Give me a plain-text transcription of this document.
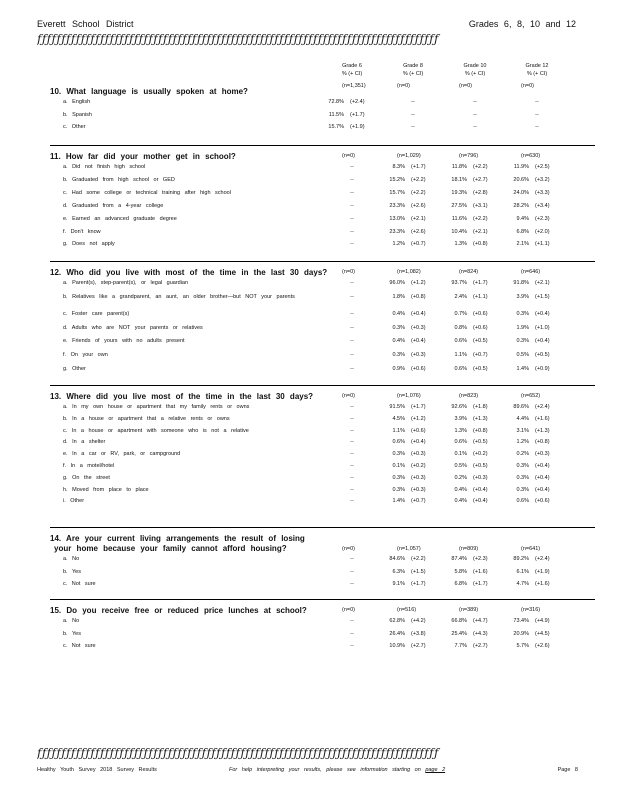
Everett School District	Grades 6, 8, 10 and 12
ƒƒƒƒƒƒƒƒƒƒƒƒƒƒƒƒƒƒƒƒƒƒƒƒƒƒƒƒƒƒƒƒƒƒƒƒƒƒƒƒƒƒƒƒƒƒƒƒƒƒƒƒƒƒƒƒƒƒƒƒƒƒƒƒƒƒƒƒƒƒƒƒƒƒƒƒƒƒƒƒƒƒƒ
Grade 6
% (+ CI)
Grade 8
% (+ CI)
Grade 10
% (+ CI)
Grade 12
% (+ CI)
10. What language is usually spoken at home?
(n=1,351)	(n=0)	(n=0)	(n=0)
a. English	72.8% (+2.4)	--	--	--
b. Spanish	11.5% (+1.7)	--	--	--
c. Other	15.7% (+1.9)	--	--	--
11. How far did your mother get in school?	(n=0)	(n=1,029)	(n=796)	(n=630)
a. Did not finish high school	--	8.3% (+1.7)	11.8% (+2.2)	11.9% (+2.5)
b. Graduated from high school or GED	--	15.2% (+2.2)	18.1% (+2.7)	20.6% (+3.2)
c. Had some college or technical training after high school	--	15.7% (+2.2)	19.3% (+2.8)	24.0% (+3.3)
d. Graduated from a 4-year college	--	23.3% (+2.6)	27.5% (+3.1)	28.2% (+3.4)
e. Earned an advanced graduate degree	--	13.0% (+2.1)	11.6% (+2.2)	9.4% (+2.3)
f. Don't know	--	23.3% (+2.6)	10.4% (+2.1)	6.8% (+2.0)
g. Does not apply	--	1.2% (+0.7)	1.3% (+0.8)	2.1% (+1.1)
12. Who did you live with most of the time in the last 30 days?	(n=0)	(n=1,082)	(n=824)	(n=646)
a. Parent(s), step-parent(s), or legal guardian	--	96.0% (+1.2)	93.7% (+1.7)	91.8% (+2.1)
b. Relatives like a grandparent, an aunt, an older brother—but NOT your parents	--	1.8% (+0.8)	2.4% (+1.1)	3.9% (+1.5)
c. Foster care parent(s)	--	0.4% (+0.4)	0.7% (+0.6)	0.3% (+0.4)
d. Adults who are NOT your parents or relatives	--	0.3% (+0.3)	0.8% (+0.6)	1.9% (+1.0)
e. Friends of yours with no adults present	--	0.4% (+0.4)	0.6% (+0.5)	0.3% (+0.4)
f. On your own	--	0.3% (+0.3)	1.1% (+0.7)	0.5% (+0.5)
g. Other	--	0.9% (+0.6)	0.6% (+0.5)	1.4% (+0.9)
13. Where did you live most of the time in the last 30 days?	(n=0)	(n=1,076)	(n=823)	(n=652)
a. In my own house or apartment that my family rents or owns	--	91.5% (+1.7)	92.6% (+1.8)	89.6% (+2.4)
b. In a house or apartment that a relative rents or owns	--	4.5% (+1.2)	3.9% (+1.3)	4.4% (+1.6)
c. In a house or apartment with someone who is not a relative	--	1.1% (+0.6)	1.3% (+0.8)	3.1% (+1.3)
d. In a shelter	--	0.6% (+0.4)	0.6% (+0.5)	1.2% (+0.8)
e. In a car or RV, park, or campground	--	0.3% (+0.3)	0.1% (+0.2)	0.2% (+0.3)
f. In a motel/hotel	--	0.1% (+0.2)	0.5% (+0.5)	0.3% (+0.4)
g. On the street	--	0.3% (+0.3)	0.2% (+0.3)	0.3% (+0.4)
h. Moved from place to place	--	0.3% (+0.3)	0.4% (+0.4)	0.3% (+0.4)
i. Other	--	1.4% (+0.7)	0.4% (+0.4)	0.6% (+0.6)
14. Are your current living arrangements the result of losing
your home because your family cannot afford housing?	(n=0)	(n=1,057)	(n=809)	(n=641)
a. No	--	84.6% (+2.2)	87.4% (+2.3)	89.2% (+2.4)
b. Yes	--	6.3% (+1.5)	5.8% (+1.6)	6.1% (+1.9)
c. Not sure	--	9.1% (+1.7)	6.8% (+1.7)	4.7% (+1.6)
15. Do you receive free or reduced price lunches at school?	(n=0)	(n=516)	(n=389)	(n=316)
a. No	--	62.8% (+4.2)	66.8% (+4.7)	73.4% (+4.9)
b. Yes	--	26.4% (+3.8)	25.4% (+4.3)	20.9% (+4.5)
c. Not sure	--	10.9% (+2.7)	7.7% (+2.7)	5.7% (+2.6)
ƒƒƒƒƒƒƒƒƒƒƒƒƒƒƒƒƒƒƒƒƒƒƒƒƒƒƒƒƒƒƒƒƒƒƒƒƒƒƒƒƒƒƒƒƒƒƒƒƒƒƒƒƒƒƒƒƒƒƒƒƒƒƒƒƒƒƒƒƒƒƒƒƒƒƒƒƒƒƒƒƒƒƒ
Healthy Youth Survey 2018 Survey Results	For help interpreting your results, please see information starting on page 2	Page 8
